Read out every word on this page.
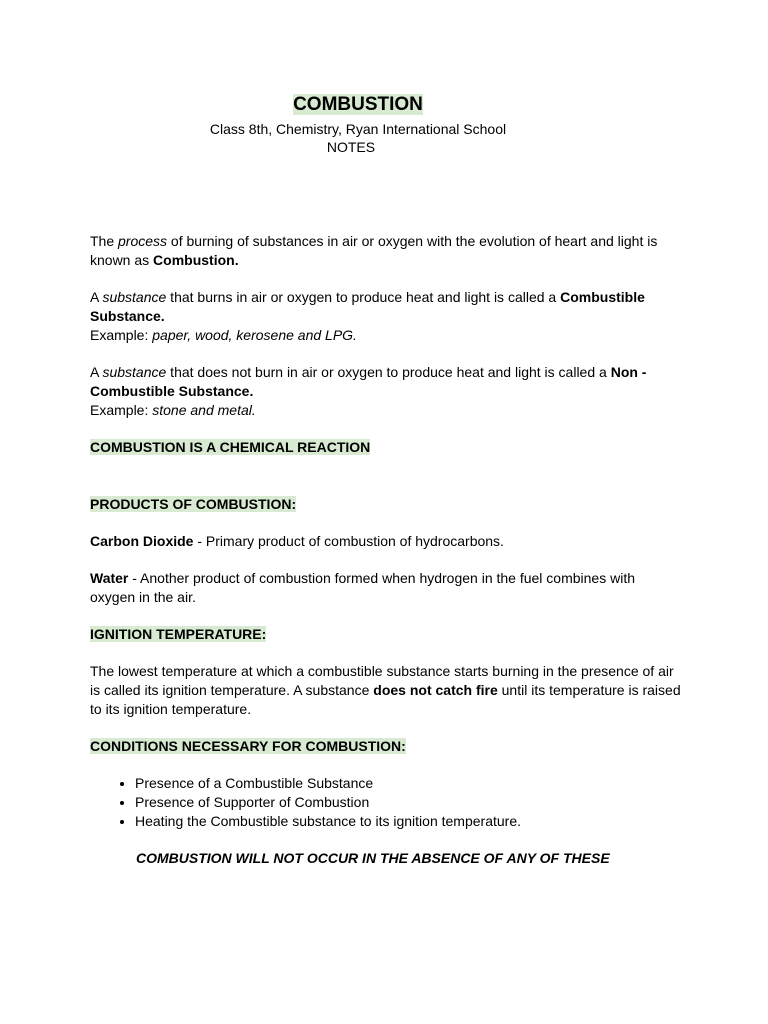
COMBUSTION
Class 8th, Chemistry, Ryan International School
NOTES

The process of burning of substances in air or oxygen with the evolution of heart and light is known as Combustion.

A substance that burns in air or oxygen to produce heat and light is called a Combustible Substance.

Example: paper, wood, kerosene and LPG.

A substance that does not burn in air or oxygen to produce heat and light is called a Non - Combustible Substance.

Example: stone and metal.

COMBUSTION IS A CHEMICAL REACTION

PRODUCTS OF COMBUSTION:

Carbon Dioxide - Primary product of combustion of hydrocarbons.

Water - Another product of combustion formed when hydrogen in the fuel combines with oxygen in the air.

IGNITION TEMPERATURE:

The lowest temperature at which a combustible substance starts burning in the presence of air is called its ignition temperature. A substance does not catch fire until its temperature is raised to its ignition temperature.

CONDITIONS NECESSARY FOR COMBUSTION:

• Presence of a Combustible Substance
• Presence of Supporter of Combustion
• Heating the Combustible substance to its ignition temperature.

COMBUSTION WILL NOT OCCUR IN THE ABSENCE OF ANY OF THESE
